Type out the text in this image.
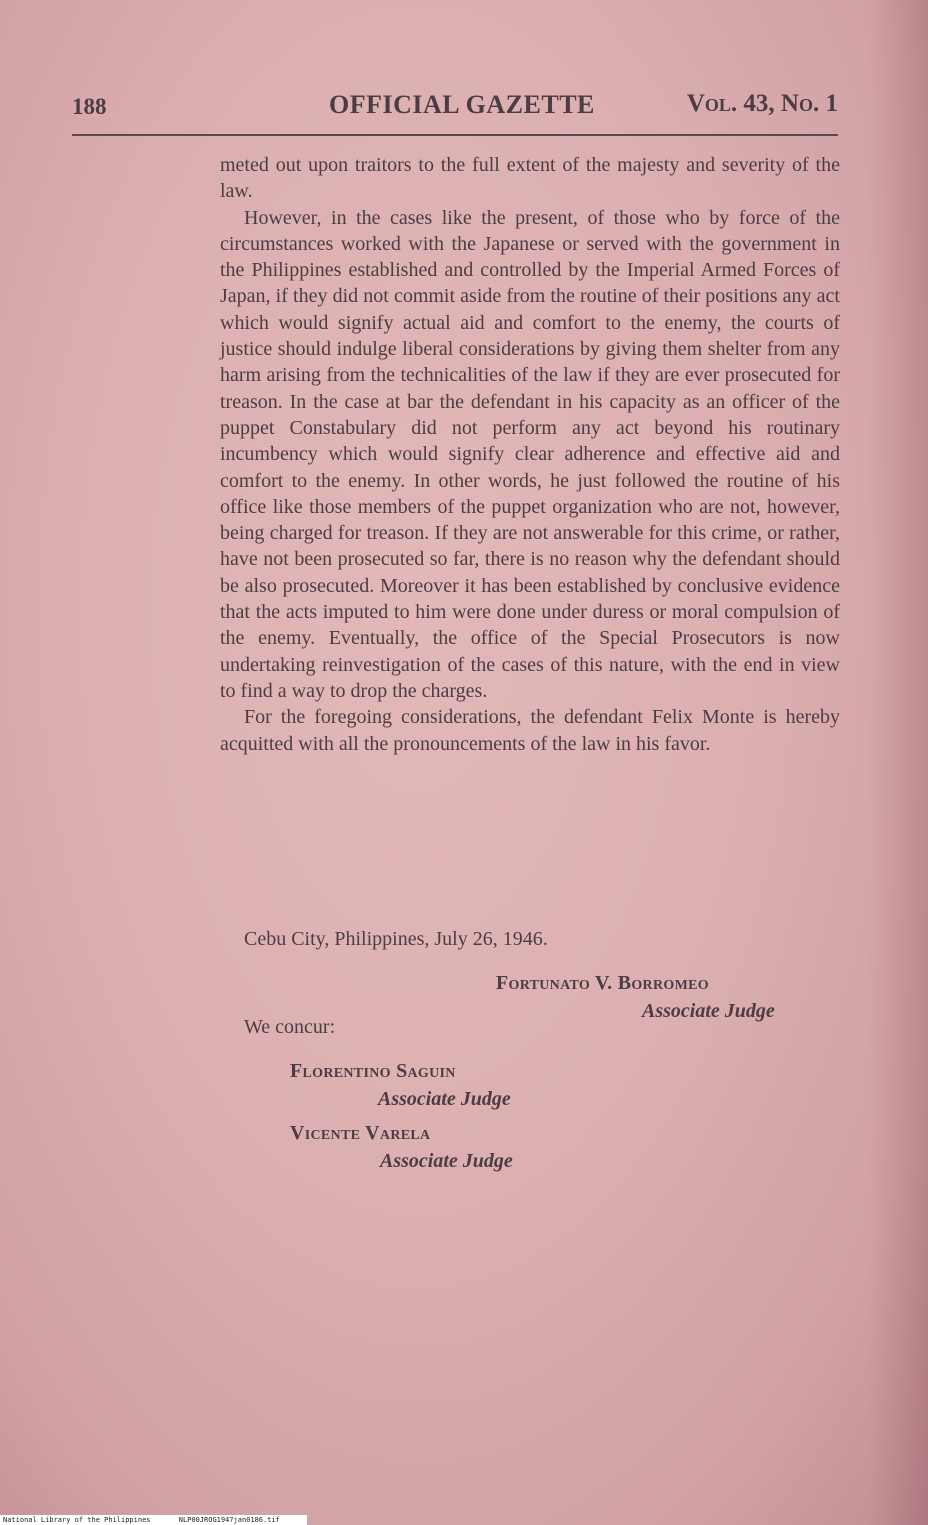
188	OFFICIAL GAZETTE	Vol. 43, No. 1

meted out upon traitors to the full extent of the majesty and severity of the law.

However, in the cases like the present, of those who by force of the circumstances worked with the Japanese or served with the government in the Philippines established and controlled by the Imperial Armed Forces of Japan, if they did not commit aside from the routine of their positions any act which would signify actual aid and comfort to the enemy, the courts of justice should indulge liberal considerations by giving them shelter from any harm arising from the technicalities of the law if they are ever prosecuted for treason. In the case at bar the defendant in his capacity as an officer of the puppet Constabulary did not perform any act beyond his routinary incumbency which would signify clear adherence and effective aid and comfort to the enemy. In other words, he just followed the routine of his office like those members of the puppet organization who are not, however, being charged for treason. If they are not answerable for this crime, or rather, have not been prosecuted so far, there is no reason why the defendant should be also prosecuted. Moreover it has been established by conclusive evidence that the acts imputed to him were done under duress or moral compulsion of the enemy. Eventually, the office of the Special Prosecutors is now undertaking reinvestigation of the cases of this nature, with the end in view to find a way to drop the charges.

For the foregoing considerations, the defendant Felix Monte is hereby acquitted with all the pronouncements of the law in his favor.

Cebu City, Philippines, July 26, 1946.
Fortunato V. Borromeo
Associate Judge
We concur:
Florentino Saguin
Associate Judge
Vicente Varela
Associate Judge
National Library of the Philippines	NLP00JROG1947jan0186.tif
